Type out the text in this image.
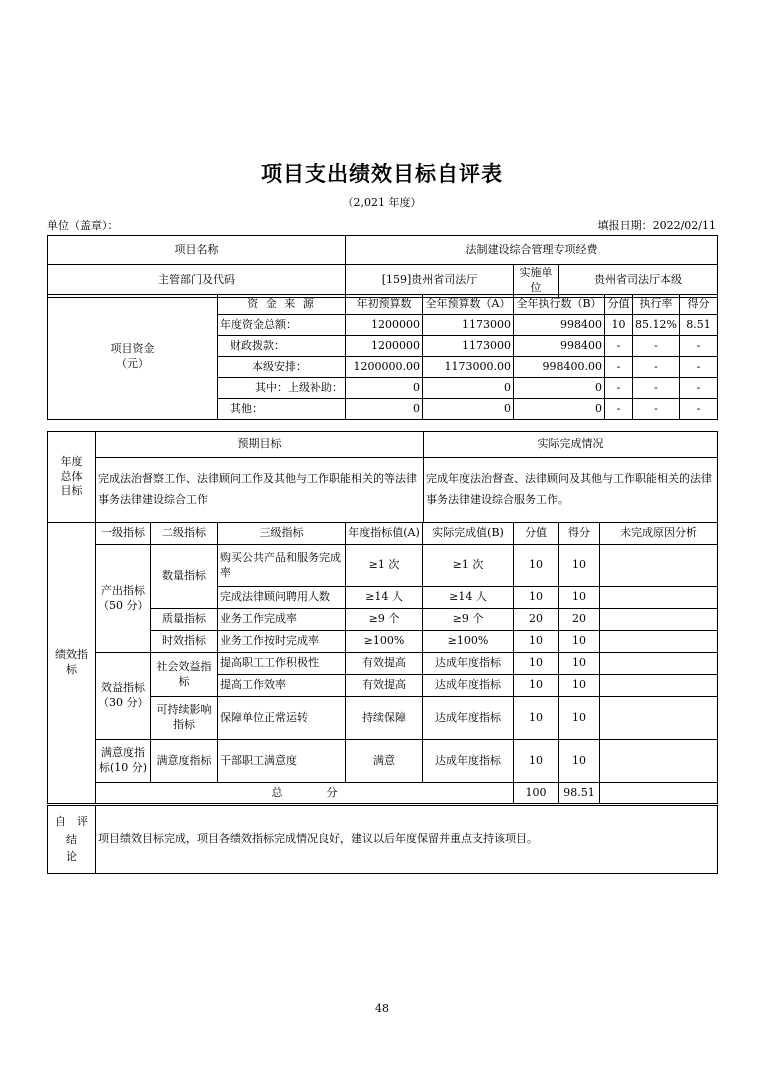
项目支出绩效目标自评表
（2,021 年度）
单位（盖章）：	填报日期：2022/02/11
项目名称	法制建设综合管理专项经费		
主管部门及代码	[159]贵州省司法厅	实施单位	贵州省司法厅本级
项目资金
（元）	资 金 来 源	年初预算数	全年预算数（A）	全年执行数（B）	分值	执行率	得分
	年度资金总额：	1200000	1173000	998400	10	85.12%	8.51
	财政拨款：	1200000	1173000	998400	-	-	-
	本级安排：	1200000.00	1173000.00	998400.00	-	-	-
	其中：上级补助：	0	0	0	-	-	-
	其他：	0	0	0	-	-	-
年度
总体
目标	预期目标	实际完成情况
	完成法治督察工作、法律顾问工作及其他与工作职能相关的等法律事务法律建设综合工作	完成年度法治督查、法律顾问及其他与工作职能相关的法律事务法律建设综合服务工作。
绩效指标	一级指标	二级指标	三级指标	年度指标值(A)	实际完成值(B)	分值	得分	未完成原因分析
	产出指标（50 分）	数量指标	购买公共产品和服务完成率	≥1 次	≥1 次	10	10	
			完成法律顾问聘用人数	≥14 人	≥14 人	10	10	
		质量指标	业务工作完成率	≥9 个	≥9 个	20	20	
		时效指标	业务工作按时完成率	≥100%	≥100%	10	10	
	效益指标（30 分）	社会效益指标	提高职工工作积极性	有效提高	达成年度指标	10	10	
			提高工作效率	有效提高	达成年度指标	10	10	
		可持续影响指标	保障单位正常运转	持续保障	达成年度指标	10	10	
	满意度指标(10 分)	满意度指标	干部职工满意度	满意	达成年度指标	10	10	
	总　　　　分					100	98.51	
自　评
结
论	项目绩效目标完成，项目各绩效指标完成情况良好，建议以后年度保留并重点支持该项目。
48
